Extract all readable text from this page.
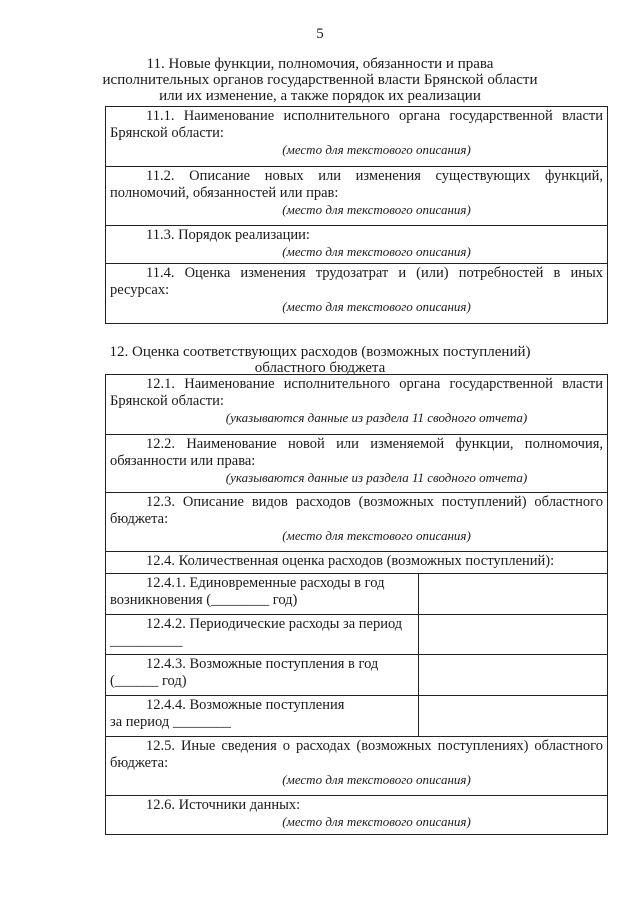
5
11. Новые функции, полномочия, обязанности и права
исполнительных органов государственной власти Брянской области
или их изменение, а также порядок их реализации
11.1. Наименование исполнительного органа государственной власти Брянской области:
(место для текстового описания)
11.2. Описание новых или изменения существующих функций, полномочий, обязанностей или прав:
(место для текстового описания)
11.3. Порядок реализации:
(место для текстового описания)
11.4. Оценка изменения трудозатрат и (или) потребностей в иных ресурсах:
(место для текстового описания)
12. Оценка соответствующих расходов (возможных поступлений)
областного бюджета
12.1. Наименование исполнительного органа государственной власти Брянской области:
(указываются данные из раздела 11 сводного отчета)
12.2. Наименование новой или изменяемой функции, полномочия, обязанности или права:
(указываются данные из раздела 11 сводного отчета)
12.3. Описание видов расходов (возможных поступлений) областного бюджета:
(место для текстового описания)
12.4. Количественная оценка расходов (возможных поступлений):
12.4.1. Единовременные расходы в год
возникновения (________ год)
12.4.2. Периодические расходы за период
__________
12.4.3. Возможные поступления в год
(______ год)
12.4.4. Возможные поступления
за период ________
12.5. Иные сведения о расходах (возможных поступлениях) областного бюджета:
(место для текстового описания)
12.6. Источники данных:
(место для текстового описания)
